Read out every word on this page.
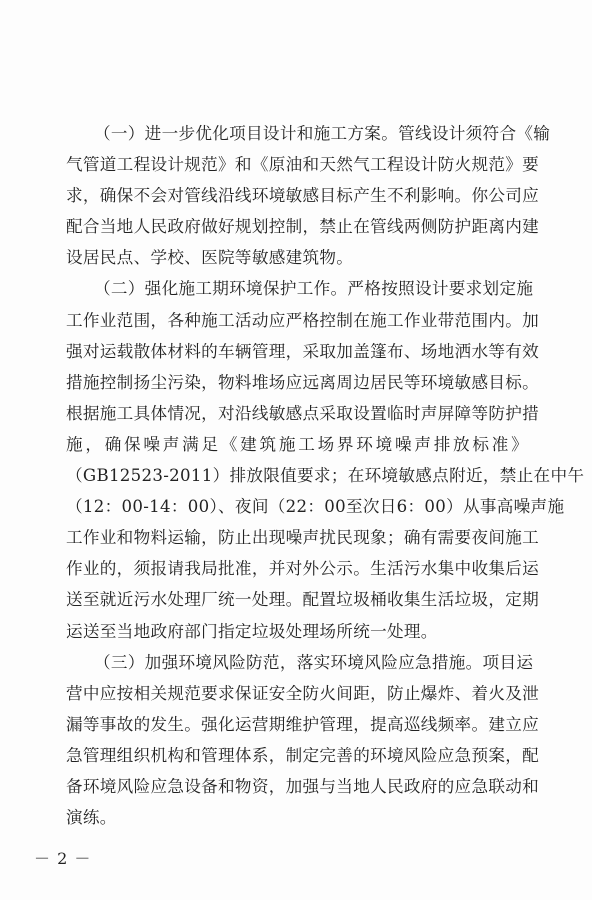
（一）进一步优化项目设计和施工方案。管线设计须符合《输
气管道工程设计规范》和《原油和天然气工程设计防火规范》要
求，确保不会对管线沿线环境敏感目标产生不利影响。你公司应
配合当地人民政府做好规划控制，禁止在管线两侧防护距离内建
设居民点、学校、医院等敏感建筑物。
（二）强化施工期环境保护工作。严格按照设计要求划定施
工作业范围，各种施工活动应严格控制在施工作业带范围内。加
强对运载散体材料的车辆管理，采取加盖篷布、场地洒水等有效
措施控制扬尘污染，物料堆场应远离周边居民等环境敏感目标。
根据施工具体情况，对沿线敏感点采取设置临时声屏障等防护措
施，确保噪声满足《建筑施工场界环境噪声排放标准》
（GB12523-2011）排放限值要求；在环境敏感点附近，禁止在中午
（12：00-14：00）、夜间（22：00至次日6：00）从事高噪声施
工作业和物料运输，防止出现噪声扰民现象；确有需要夜间施工
作业的，须报请我局批准，并对外公示。生活污水集中收集后运
送至就近污水处理厂统一处理。配置垃圾桶收集生活垃圾，定期
运送至当地政府部门指定垃圾处理场所统一处理。
（三）加强环境风险防范，落实环境风险应急措施。项目运
营中应按相关规范要求保证安全防火间距，防止爆炸、着火及泄
漏等事故的发生。强化运营期维护管理，提高巡线频率。建立应
急管理组织机构和管理体系，制定完善的环境风险应急预案，配
备环境风险应急设备和物资，加强与当地人民政府的应急联动和
演练。
－ 2 －
